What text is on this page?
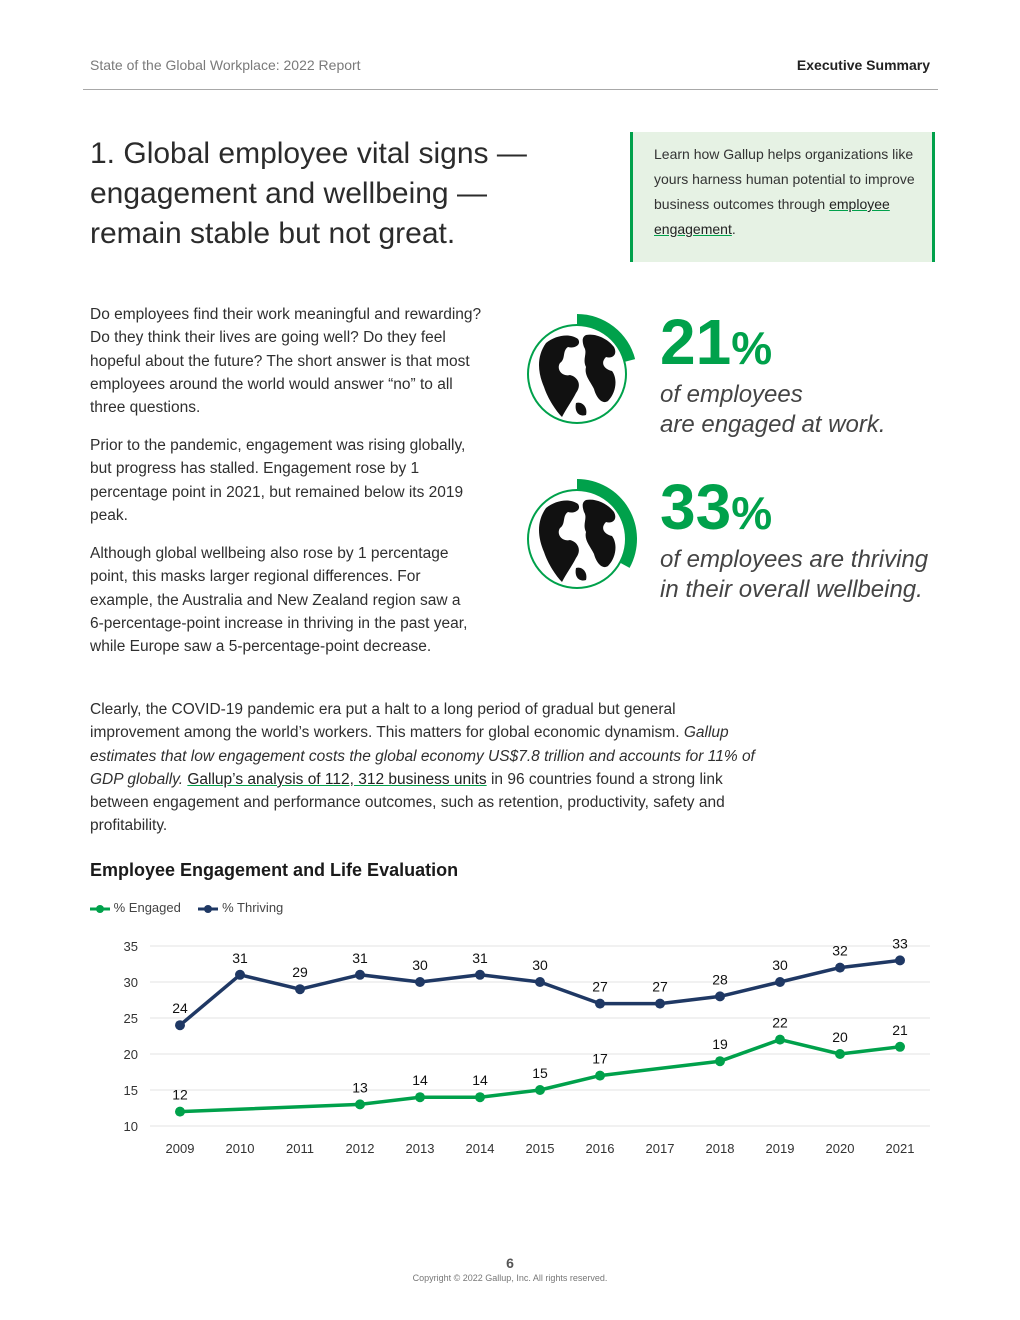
State of the Global Workplace: 2022 Report	Executive Summary
1. Global employee vital signs — engagement and wellbeing — remain stable but not great.

Learn how Gallup helps organizations like yours harness human potential to improve business outcomes through employee engagement.

Do employees find their work meaningful and rewarding? Do they think their lives are going well? Do they feel hopeful about the future? The short answer is that most employees around the world would answer “no” to all three questions.

Prior to the pandemic, engagement was rising globally, but progress has stalled. Engagement rose by 1 percentage point in 2021, but remained below its 2019 peak.

Although global wellbeing also rose by 1 percentage point, this masks larger regional differences. For example, the Australia and New Zealand region saw a 6-percentage-point increase in thriving in the past year, while Europe saw a 5-percentage-point decrease.

Clearly, the COVID-19 pandemic era put a halt to a long period of gradual but general improvement among the world’s workers. This matters for global economic dynamism. Gallup estimates that low engagement costs the global economy US$7.8 trillion and accounts for 11% of GDP globally. Gallup’s analysis of 112, 312 business units in 96 countries found a strong link between engagement and performance outcomes, such as retention, productivity, safety and profitability.

21%
of employees
are engaged at work.
33%
of employees are thriving
in their overall wellbeing.
Employee Engagement and Life Evaluation
% Engaged	% Thriving
10
15
20
25
30
35
2009 2010 2011 2012 2013 2014 2015 2016 2017 2018 2019 2020 2021
12	13	14	14	15
17
19
22
20	21
24
31
29
31	30	31	30
27	27	28
30
32	33
6
Copyright © 2022 Gallup, Inc. All rights reserved.
